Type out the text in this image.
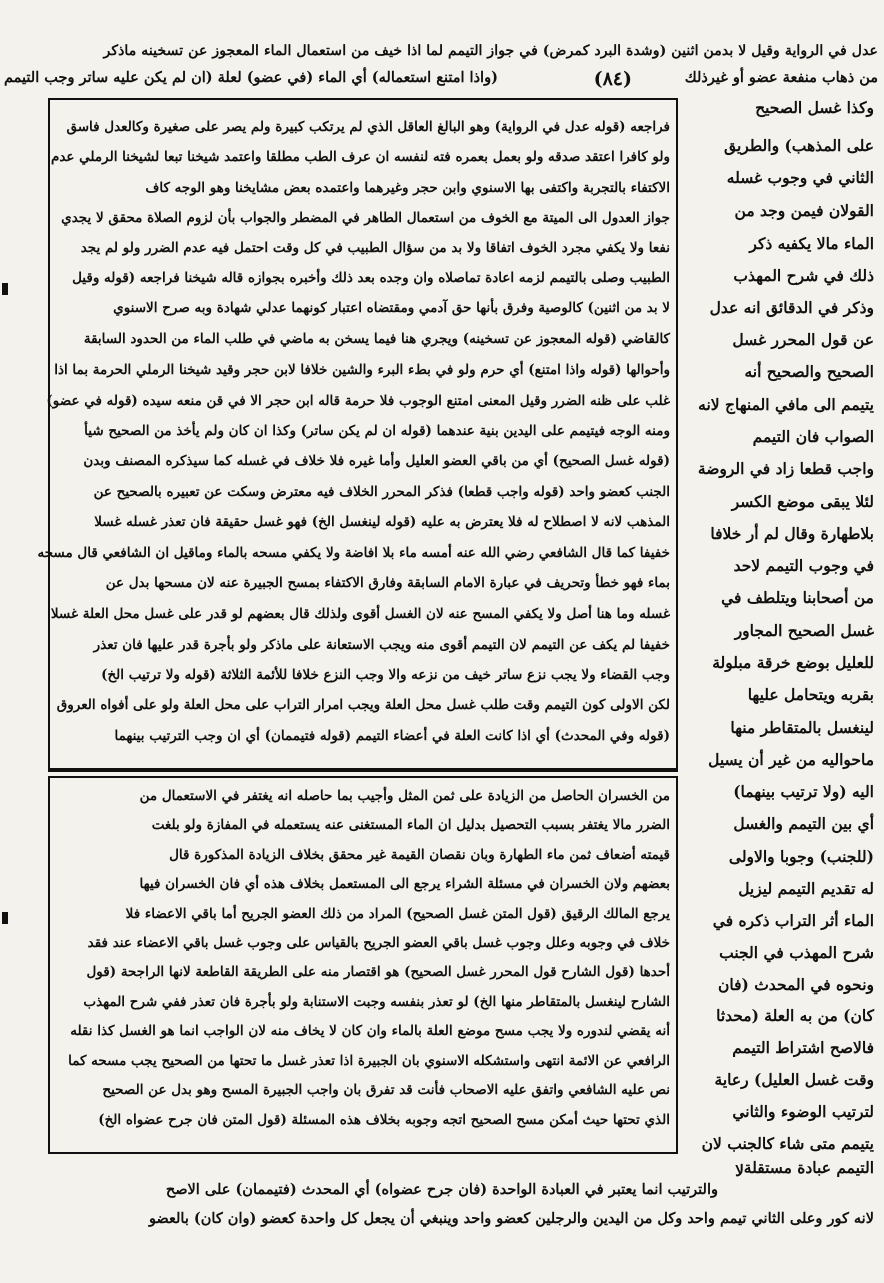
عدل في الرواية وقيل لا بدمن اثنين (وشدة البرد كمرض) في جواز التيمم لما اذا خيف من استعمال الماء المعجوز عن تسخينه ماذكر
من ذهاب منفعة عضو أو غيرذلك
(٨٤)
(واذا امتنع استعماله) أي الماء (في عضو) لعلة (ان لم يكن عليه ساتر وجب التيمم
وكذا غسل الصحيح
على المذهب) والطريق
الثاني في وجوب غسله
القولان فيمن وجد من
الماء مالا يكفيه ذكر
ذلك في شرح المهذب
وذكر في الدقائق انه عدل
عن قول المحرر غسل
الصحيح والصحيح أنه
يتيمم الى مافي المنهاج لانه
الصواب فان التيمم
واجب قطعا زاد في الروضة
لئلا يبقى موضع الكسر
بلاطهارة وقال لم أر خلافا
في وجوب التيمم لاحد
من أصحابنا ويتلطف في
غسل الصحيح المجاور
للعليل بوضع خرقة مبلولة
بقربه ويتحامل عليها
لينغسل بالمتقاطر منها
ماحواليه من غير أن يسيل
اليه (ولا ترتيب بينهما)
أي بين التيمم والغسل
(للجنب) وجوبا والاولى
له تقديم التيمم ليزيل
الماء أثر التراب ذكره في
شرح المهذب في الجنب
ونحوه في المحدث (فان
كان) من به العلة (محدثا
فالاصح اشتراط التيمم
وقت غسل العليل) رعاية
لترتيب الوضوء والثاني
يتيمم متى شاء كالجنب لان
التيمم عبادة مستقلة
فراجعه (قوله عدل في الرواية) وهو البالغ العاقل الذي لم يرتكب كبيرة ولم يصر على صغيرة وكالعدل فاسق
ولو كافرا اعتقد صدقه ولو بعمل بعمره فته لنفسه ان عرف الطب مطلقا واعتمد شيخنا تبعا لشيخنا الرملي عدم
الاكتفاء بالتجربة واكتفى بها الاسنوي وابن حجر وغيرهما واعتمده بعض مشايخنا وهو الوجه كاف
جواز العدول الى الميتة مع الخوف من استعمال الطاهر في المضطر والجواب بأن لزوم الصلاة محقق لا يجدي
نفعا ولا يكفي مجرد الخوف اتفاقا ولا بد من سؤال الطبيب في كل وقت احتمل فيه عدم الضرر ولو لم يجد
الطبيب وصلى بالتيمم لزمه اعادة تماصلاه وان وجده بعد ذلك وأخبره بجوازه قاله شيخنا فراجعه (قوله وقيل
لا بد من اثنين) كالوصية وفرق بأنها حق آدمي ومقتضاه اعتبار كونهما عدلي شهادة وبه صرح الاسنوي
كالقاضي (قوله المعجوز عن تسخينه) ويجري هنا فيما يسخن به ماضي في طلب الماء من الحدود السابقة
وأحوالها (قوله واذا امتنع) أي حرم ولو في بطء البرء والشين خلافا لابن حجر وقيد شيخنا الرملي الحرمة بما اذا
غلب على ظنه الضرر وقيل المعنى امتنع الوجوب فلا حرمة قاله ابن حجر الا في قن منعه سيده (قوله في عضو)
ومنه الوجه فيتيمم على اليدين بنية عندهما (قوله ان لم يكن ساتر) وكذا ان كان ولم يأخذ من الصحيح شيأ
(قوله غسل الصحيح) أي من باقي العضو العليل وأما غيره فلا خلاف في غسله كما سيذكره المصنف وبدن
الجنب كعضو واحد (قوله واجب قطعا) فذكر المحرر الخلاف فيه معترض وسكت عن تعبيره بالصحيح عن
المذهب لانه لا اصطلاح له فلا يعترض به عليه (قوله لينغسل الخ) فهو غسل حقيقة فان تعذر غسله غسلا
خفيفا كما قال الشافعي رضي الله عنه أمسه ماء بلا افاضة ولا يكفي مسحه بالماء وماقيل ان الشافعي قال مسحه
بماء فهو خطأ وتحريف في عبارة الامام السابقة وفارق الاكتفاء بمسح الجبيرة عنه لان مسحها بدل عن
غسله وما هنا أصل ولا يكفي المسح عنه لان الغسل أقوى ولذلك قال بعضهم لو قدر على غسل محل العلة غسلا
خفيفا لم يكف عن التيمم لان التيمم أقوى منه ويجب الاستعانة على ماذكر ولو بأجرة قدر عليها فان تعذر
وجب القضاء ولا يجب نزع ساتر خيف من نزعه والا وجب النزع خلافا للأئمة الثلاثة (قوله ولا ترتيب الخ)
لكن الاولى كون التيمم وقت طلب غسل محل العلة ويجب امرار التراب على محل العلة ولو على أفواه العروق
(قوله وفي المحدث) أي اذا كانت العلة في أعضاء التيمم (قوله فتيممان) أي ان وجب الترتيب بينهما
من الخسران الحاصل من الزيادة على ثمن المثل وأجيب بما حاصله انه يغتفر في الاستعمال من
الضرر مالا يغتفر بسبب التحصيل بدليل ان الماء المستغنى عنه يستعمله في المفازة ولو بلغت
قيمته أضعاف ثمن ماء الطهارة وبان نقصان القيمة غير محقق بخلاف الزيادة المذكورة قال
بعضهم ولان الخسران في مسئلة الشراء يرجع الى المستعمل بخلاف هذه أي فان الخسران فيها
يرجع المالك الرقيق (قول المتن غسل الصحيح) المراد من ذلك العضو الجريح أما باقي الاعضاء فلا
خلاف في وجوبه وعلل وجوب غسل باقي العضو الجريح بالقياس على وجوب غسل باقي الاعضاء عند فقد
أحدها (قول الشارح قول المحرر غسل الصحيح) هو اقتصار منه على الطريقة القاطعة لانها الراجحة (قول
الشارح لينغسل بالمتقاطر منها الخ) لو تعذر بنفسه وجبت الاستنابة ولو بأجرة فان تعذر ففي شرح المهذب
أنه يقضي لندوره ولا يجب مسح موضع العلة بالماء وان كان لا يخاف منه لان الواجب انما هو الغسل كذا نقله
الرافعي عن الائمة انتهى واستشكله الاسنوي بان الجبيرة اذا تعذر غسل ما تحتها من الصحيح يجب مسحه كما
نص عليه الشافعي واتفق عليه الاصحاب فأنت قد تفرق بان واجب الجبيرة المسح وهو بدل عن الصحيح
الذي تحتها حيث أمكن مسح الصحيح اتجه وجوبه بخلاف هذه المسئلة (قول المتن فان جرح عضواه الخ)
لا
والترتيب انما يعتبر في العبادة الواحدة (فان جرح عضواه) أي المحدث (فتيممان) على الاصح
لانه كور وعلى الثاني تيمم واحد وكل من اليدين والرجلين كعضو واحد وينبغي أن يجعل كل واحدة كعضو (وان كان) بالعضو
